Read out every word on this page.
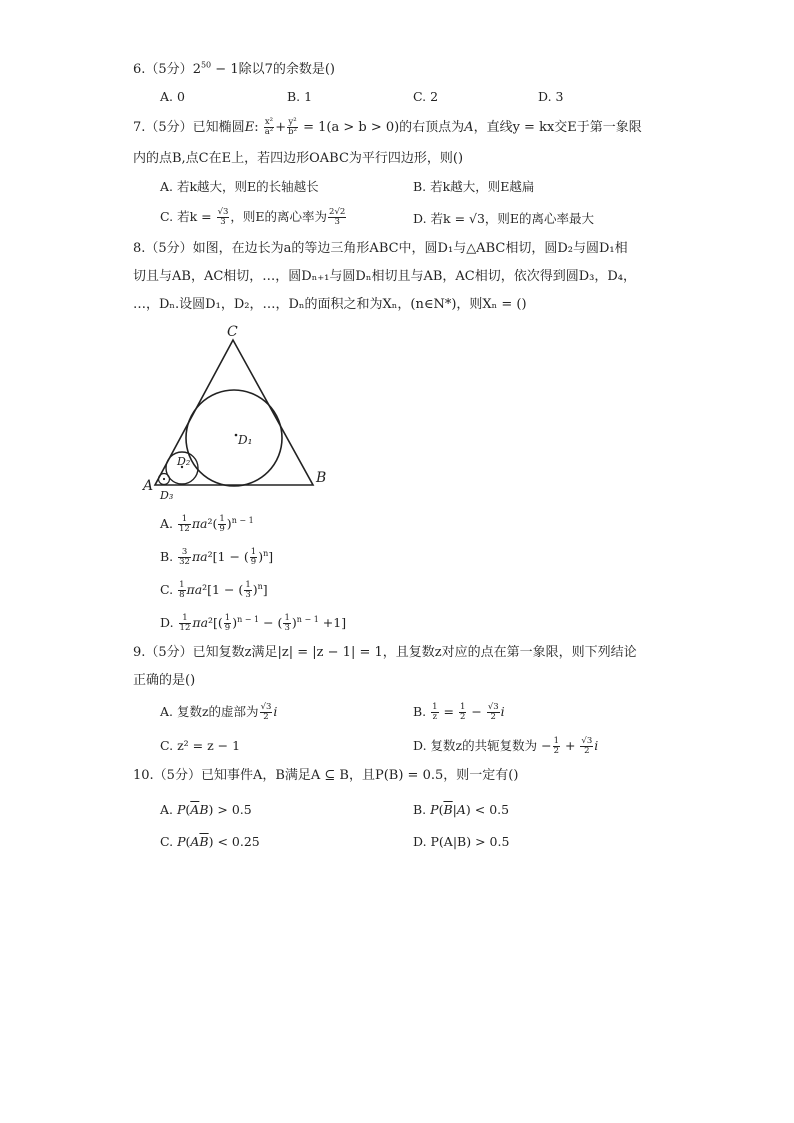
6.（5分）$2^{50} - 1$除以7的余数是()
A. 0	B. 1	C. 2	D. 3
7.（5分）已知椭圆E: $\frac{\text{x²}}{\text{a²}} + \frac{\text{y²}}{\text{b²}} = 1(a > b > 0)$的右顶点为A，直线y = kx交E于第一象限
内的点B,点C在E上，若四边形OABC为平行四边形，则()
A. 若k越大，则E的长轴越长	B. 若k越大，则E越扁
C. 若$k = \frac{√3}{3}$ ，则E的离心率为 $\frac{2√2}{3}$	D. 若k = √3，则E的离心率最大
8.（5分）如图，在边长为a的等边三角形ABC中，圆D₁与△ABC相切，圆D₂与圆D₁相
切且与AB，AC相切，…，圆Dₙ₊₁与圆Dₙ相切且与AB，AC相切，依次得到圆D₃，D₄，
…，Dₙ.设圆D₁，D₂，…，Dₙ的面积之和为Xₙ，(n∈N*)，则Xₙ = ()
C
A	B
D₁
D₂
D₃
A. $\frac{1}{12} \pi a^2( \frac{1}{9} )^{n - 1}$
B. $\frac{3}{32} \pi a^2[1$ − ( $\frac{1}{9} )^n$]
C. $\frac{1}{8} \pi a^2[1$ − ( $\frac{1}{3} )^n$]
D. $\frac{1}{12} \pi a^2[( \frac{1}{9} )^{n - 1}$ − ( $\frac{1}{3} )^{n - 1} +1$]
9.（5分）已知复数z满足|z| = |z − 1| = 1，且复数z对应的点在第一象限，则下列结论
正确的是()
A. 复数z的虚部为 $\frac{√3}{2}$ i	B. $\frac{1}{z} = \frac{1}{2} - \frac{√3}{2}$ i
C. z² = z − 1	D. 复数z的共轭复数为 − $\frac{1}{2} + \frac{√3}{2}$ i
10.（5分）已知事件A，B满足A ⊆ B，且P(B) = 0.5，则一定有()
A. $P(\overline{A}B) > 0.5$	B. $P(\overline{B}|A) < 0.5$
C. $P(A\overline{B}) < 0.25$	D. P(A|B) > 0.5
